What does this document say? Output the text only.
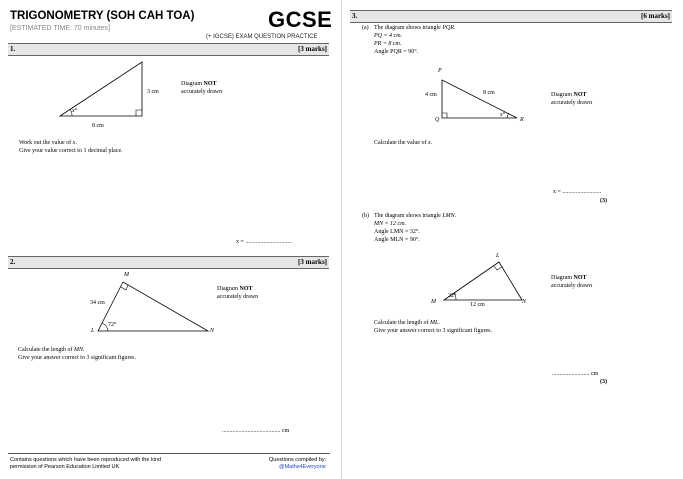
TRIGONOMETRY (SOH CAH TOA)
[ESTIMATED TIME: 70 minutes]	GCSE
(+ IGCSE) EXAM QUESTION PRACTICE
1.	[3 marks]
x°
3 cm
8 cm
Diagram NOT
accurately drawn
Work out the value of x.
Give your value correct to 1 decimal place.
x = ...............................
2.	[3 marks]
M
L	N
34 cm
72°
Diagram NOT
accurately drawn
Calculate the length of MN.
Give your answer correct to 3 significant figures.
....................................... cm
Contains questions which have been reproduced with the kind
permission of Pearson Education Limited UK
Questions compiled by:
@Maths4Everyone
3.	[6 marks]
(a) The diagram shows triangle PQR.
PQ = 4 cm.
PR = 8 cm.
Angle PQR = 90°.
P
Q	R
4 cm	8 cm
x°
Diagram NOT
accurately drawn
Calculate the value of x.
x = ..........................
(3)
(b) The diagram shows triangle LMN.
MN = 12 cm.
Angle LMN = 32°.
Angle MLN = 90°.
L
M	N
12 cm
32°
Diagram NOT
accurately drawn
Calculate the length of ML.
Give your answer correct to 3 significant figures.
......................... cm
(3)
